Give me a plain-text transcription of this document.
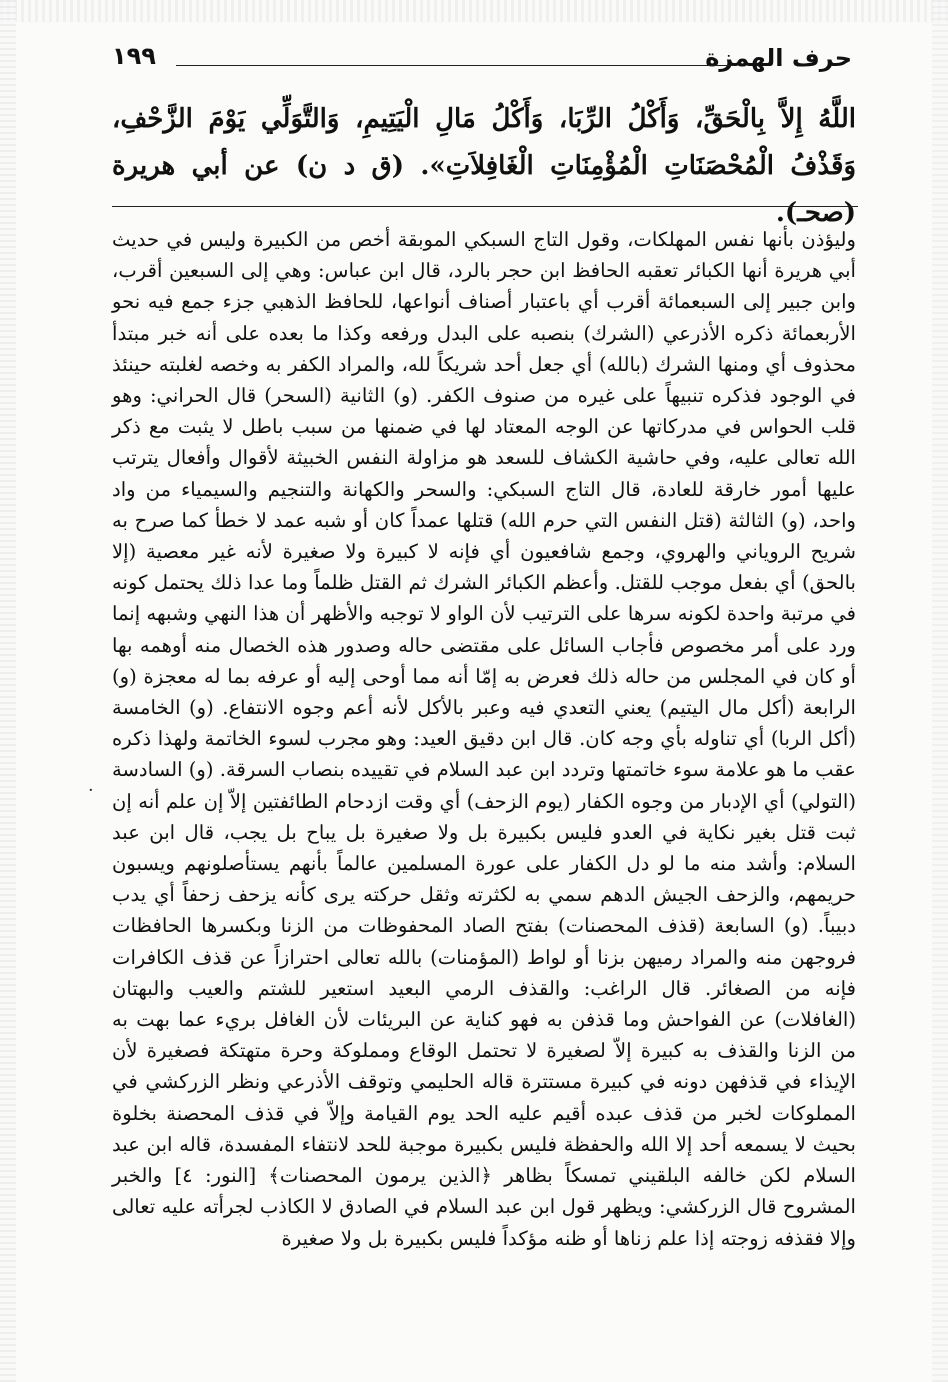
حرف الهمزة
١٩٩

اللَّهُ إِلاَّ بِالْحَقِّ، وَأَكْلُ الرِّبَا، وَأَكْلُ مَالِ الْيَتِيمِ، وَالتَّوَلِّي يَوْمَ الزَّحْفِ، وَقَذْفُ الْمُحْصَنَاتِ الْمُؤْمِنَاتِ الْغَافِلاَتِ». (ق د ن) عن أبي هريرة (صحـ).

وليؤذن بأنها نفس المهلكات، وقول التاج السبكي الموبقة أخص من الكبيرة وليس في حديث أبي هريرة أنها الكبائر تعقبه الحافظ ابن حجر بالرد، قال ابن عباس: وهي إلى السبعين أقرب، وابن جبير إلى السبعمائة أقرب أي باعتبار أصناف أنواعها، للحافظ الذهبي جزء جمع فيه نحو الأربعمائة ذكره الأذرعي (الشرك) بنصبه على البدل ورفعه وكذا ما بعده على أنه خبر مبتدأ محذوف أي ومنها الشرك (بالله) أي جعل أحد شريكاً لله، والمراد الكفر به وخصه لغلبته حينئذ في الوجود فذكره تنبيهاً على غيره من صنوف الكفر. (و) الثانية (السحر) قال الحراني: وهو قلب الحواس في مدركاتها عن الوجه المعتاد لها في ضمنها من سبب باطل لا يثبت مع ذكر الله تعالى عليه، وفي حاشية الكشاف للسعد هو مزاولة النفس الخبيثة لأقوال وأفعال يترتب عليها أمور خارقة للعادة، قال التاج السبكي: والسحر والكهانة والتنجيم والسيمياء من واد واحد، (و) الثالثة (قتل النفس التي حرم الله) قتلها عمداً كان أو شبه عمد لا خطأ كما صرح به شريح الروياني والهروي، وجمع شافعيون أي فإنه لا كبيرة ولا صغيرة لأنه غير معصية (إلا بالحق) أي بفعل موجب للقتل. وأعظم الكبائر الشرك ثم القتل ظلماً وما عدا ذلك يحتمل كونه في مرتبة واحدة لكونه سرها على الترتيب لأن الواو لا توجبه والأظهر أن هذا النهي وشبهه إنما ورد على أمر مخصوص فأجاب السائل على مقتضى حاله وصدور هذه الخصال منه أوهمه بها أو كان في المجلس من حاله ذلك فعرض به إمّا أنه مما أوحى إليه أو عرفه بما له معجزة (و) الرابعة (أكل مال اليتيم) يعني التعدي فيه وعبر بالأكل لأنه أعم وجوه الانتفاع. (و) الخامسة (أكل الربا) أي تناوله بأي وجه كان. قال ابن دقيق العيد: وهو مجرب لسوء الخاتمة ولهذا ذكره عقب ما هو علامة سوء خاتمتها وتردد ابن عبد السلام في تقييده بنصاب السرقة. (و) السادسة (التولي) أي الإدبار من وجوه الكفار (يوم الزحف) أي وقت ازدحام الطائفتين إلاّ إن علم أنه إن ثبت قتل بغير نكاية في العدو فليس بكبيرة بل ولا صغيرة بل يباح بل يجب، قال ابن عبد السلام: وأشد منه ما لو دل الكفار على عورة المسلمين عالماً بأنهم يستأصلونهم ويسبون حريمهم، والزحف الجيش الدهم سمي به لكثرته وثقل حركته يرى كأنه يزحف زحفاً أي يدب دبيباً. (و) السابعة (قذف المحصنات) بفتح الصاد المحفوظات من الزنا وبكسرها الحافظات فروجهن منه والمراد رميهن بزنا أو لواط (المؤمنات) بالله تعالى احترازاً عن قذف الكافرات فإنه من الصغائر. قال الراغب: والقذف الرمي البعيد استعير للشتم والعيب والبهتان (الغافلات) عن الفواحش وما قذفن به فهو كناية عن البريئات لأن الغافل بريء عما بهت به من الزنا والقذف به كبيرة إلاّ لصغيرة لا تحتمل الوقاع ومملوكة وحرة متهتكة فصغيرة لأن الإيذاء في قذفهن دونه في كبيرة مستترة قاله الحليمي وتوقف الأذرعي ونظر الزركشي في المملوكات لخبر من قذف عبده أقيم عليه الحد يوم القيامة وإلاّ في قذف المحصنة بخلوة بحيث لا يسمعه أحد إلا الله والحفظة فليس بكبيرة موجبة للحد لانتفاء المفسدة، قاله ابن عبد السلام لكن خالفه البلقيني تمسكاً بظاهر ﴿الذين يرمون المحصنات﴾ [النور: ٤] والخبر المشروح قال الزركشي: ويظهر قول ابن عبد السلام في الصادق لا الكاذب لجرأته عليه تعالى وإلا فقذفه زوجته إذا علم زناها أو ظنه مؤكداً فليس بكبيرة بل ولا صغيرة

·
